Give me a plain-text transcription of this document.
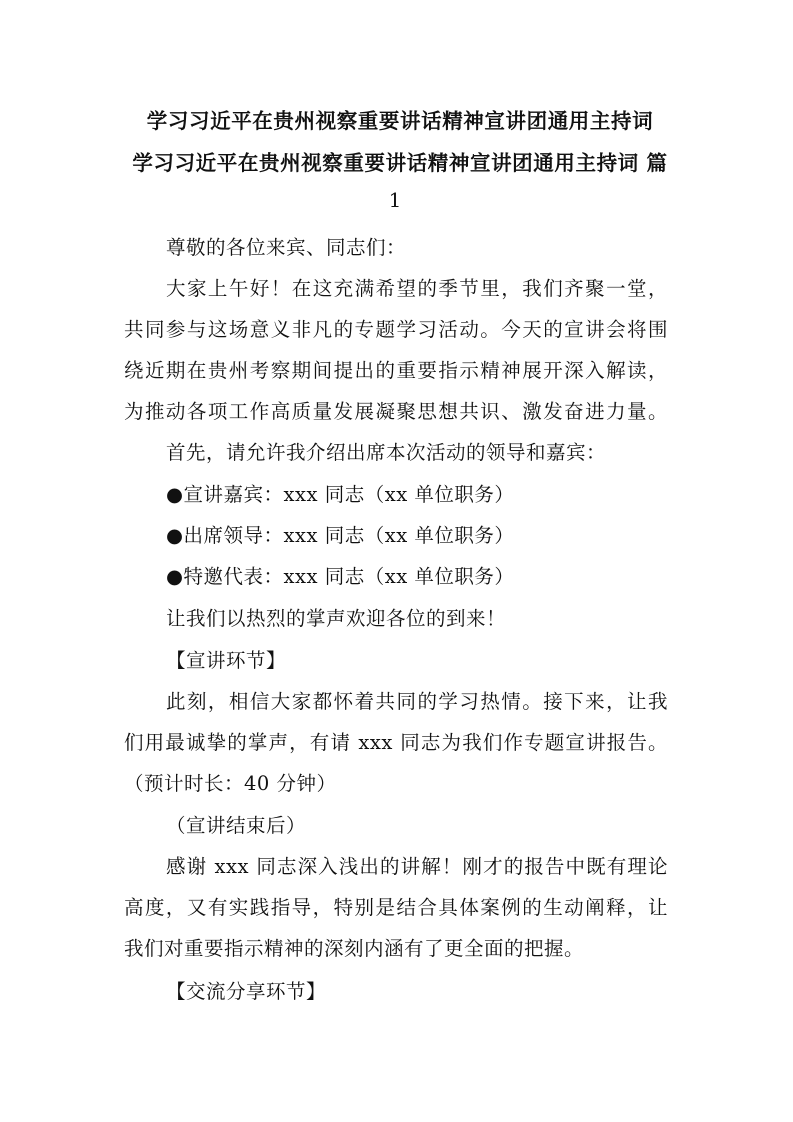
学习习近平在贵州视察重要讲话精神宣讲团通用主持词
学习习近平在贵州视察重要讲话精神宣讲团通用主持词 篇
1
尊敬的各位来宾、同志们：
大家上午好！在这充满希望的季节里，我们齐聚一堂，
共同参与这场意义非凡的专题学习活动。今天的宣讲会将围
绕近期在贵州考察期间提出的重要指示精神展开深入解读，
为推动各项工作高质量发展凝聚思想共识、激发奋进力量。
首先，请允许我介绍出席本次活动的领导和嘉宾：
●宣讲嘉宾：xxx 同志（xx 单位职务）
●出席领导：xxx 同志（xx 单位职务）
●特邀代表：xxx 同志（xx 单位职务）
让我们以热烈的掌声欢迎各位的到来！
【宣讲环节】
此刻，相信大家都怀着共同的学习热情。接下来，让我
们用最诚挚的掌声，有请 xxx 同志为我们作专题宣讲报告。
（预计时长：40 分钟）
（宣讲结束后）
感谢 xxx 同志深入浅出的讲解！刚才的报告中既有理论
高度，又有实践指导，特别是结合具体案例的生动阐释，让
我们对重要指示精神的深刻内涵有了更全面的把握。
【交流分享环节】
